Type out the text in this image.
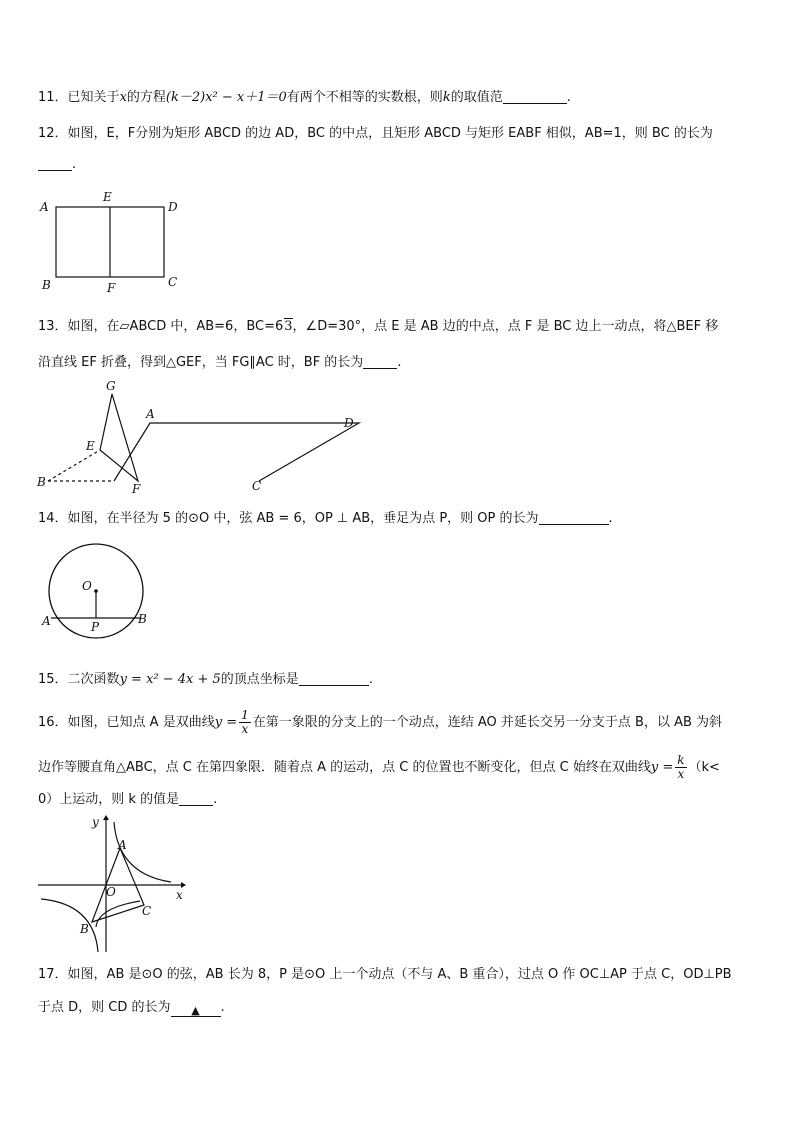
11．已知关于x的方程(k－2)x² − x＋1＝0有两个不相等的实数根，则k的取值范	.
12．如图，E，F分别为矩形 ABCD 的边 AD，BC 的中点，且矩形 ABCD 与矩形 EABF 相似，AB=1，则 BC 的长为
.
A
E
D
B	F	C
13．如图，在▱ABCD 中，AB=6，BC=63，∠D=30°，点 E 是 AB 边的中点，点 F 是 BC 边上一动点，将△BEF 移
沿直线 EF 折叠，得到△GEF，当 FG∥AC 时，BF 的长为	.
G
A
D
E
B	F	C
14．如图，在半径为 5 的⊙O 中，弦 AB = 6，OP ⊥ AB，垂足为点 P，则 OP 的长为	.
O
A	P
B
15．二次函数y = x² − 4x + 5的顶点坐标是	.
16．如图，已知点 A 是双曲线$y = \frac{1}{x}$ 在第一象限的分支上的一个动点，连结 AO 并延长交另一分支于点 B，以 AB 为斜
边作等腰直角△ABC，点 C 在第四象限．随着点 A 的运动，点 C 的位置也不断变化，但点 C 始终在双曲线$y = \frac{k}{x} (k<$
0）上运动，则 k 的值是	.
y
x
A
O
C
B
17．如图，AB 是⊙O 的弦，AB 长为 8，P 是⊙O 上一个动点（不与 A、B 重合），过点 O 作 OC⊥AP 于点 C，OD⊥PB
于点 D，则 CD 的长为 ▲ .
